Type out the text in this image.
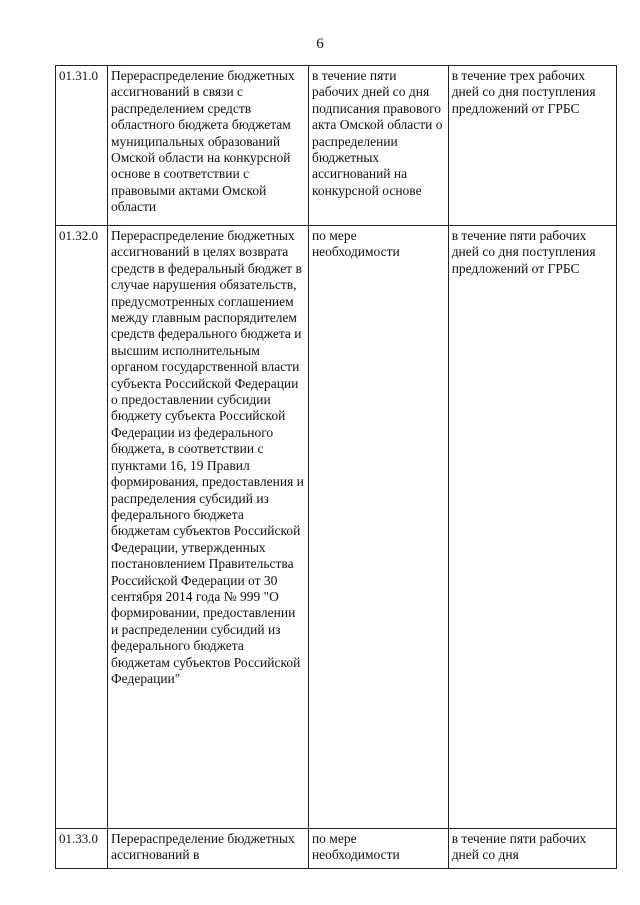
6
01.31.0	Перераспределение бюджетных ассигнований в связи с распределением средств областного бюджета бюджетам муниципальных образований Омской области на конкурсной основе в соответствии с правовыми актами Омской области	в течение пяти рабочих дней со дня подписания правового акта Омской области о распределении бюджетных ассигнований на конкурсной основе	в течение трех рабочих дней со дня поступления предложений от ГРБС
01.32.0	Перераспределение бюджетных ассигнований в целях возврата средств в федеральный бюджет в случае нарушения обязательств, предусмотренных соглашением между главным распорядителем средств федерального бюджета и высшим исполнительным органом государственной власти субъекта Российской Федерации о предоставлении субсидии бюджету субъекта Российской Федерации из федерального бюджета, в соответствии с пунктами 16, 19 Правил формирования, предоставления и распределения субсидий из федерального бюджета бюджетам субъектов Российской Федерации, утвержденных постановлением Правительства Российской Федерации от 30 сентября 2014 года № 999 "О формировании, предоставлении и распределении субсидий из федерального бюджета бюджетам субъектов Российской Федерации"	по мере необходимости	в течение пяти рабочих дней со дня поступления предложений от ГРБС
01.33.0	Перераспределение бюджетных ассигнований в	по мере необходимости	в течение пяти рабочих дней со дня
